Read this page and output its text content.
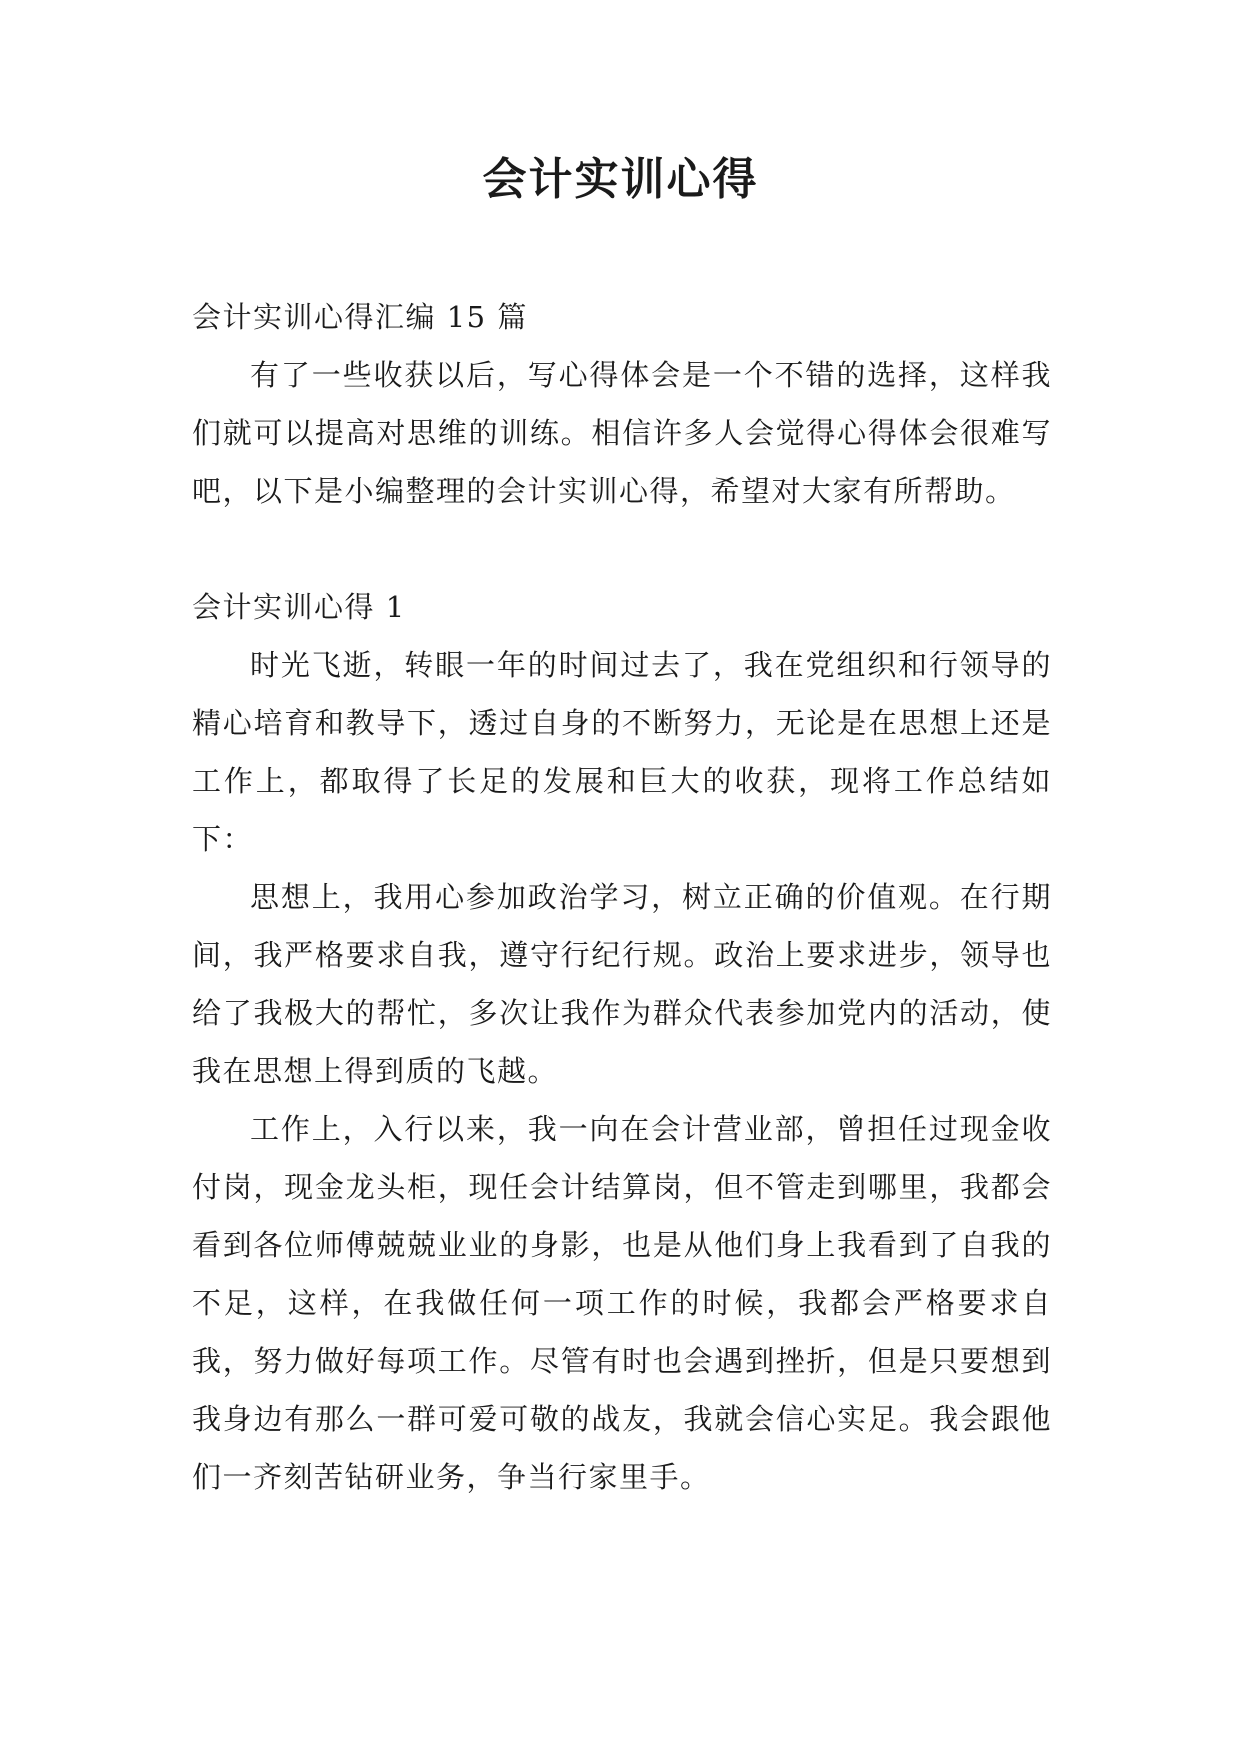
会计实训心得

会计实训心得汇编 15 篇

有了一些收获以后，写心得体会是一个不错的选择，这样我们就可以提高对思维的训练。相信许多人会觉得心得体会很难写吧，以下是小编整理的会计实训心得，希望对大家有所帮助。

会计实训心得 1

时光飞逝，转眼一年的时间过去了，我在党组织和行领导的精心培育和教导下，透过自身的不断努力，无论是在思想上还是工作上，都取得了长足的发展和巨大的收获，现将工作总结如下：

思想上，我用心参加政治学习，树立正确的价值观。在行期间，我严格要求自我，遵守行纪行规。政治上要求进步，领导也给了我极大的帮忙，多次让我作为群众代表参加党内的活动，使我在思想上得到质的飞越。

工作上，入行以来，我一向在会计营业部，曾担任过现金收付岗，现金龙头柜，现任会计结算岗，但不管走到哪里，我都会看到各位师傅兢兢业业的身影，也是从他们身上我看到了自我的不足，这样，在我做任何一项工作的时候，我都会严格要求自我，努力做好每项工作。尽管有时也会遇到挫折，但是只要想到我身边有那么一群可爱可敬的战友，我就会信心实足。我会跟他们一齐刻苦钻研业务，争当行家里手。
